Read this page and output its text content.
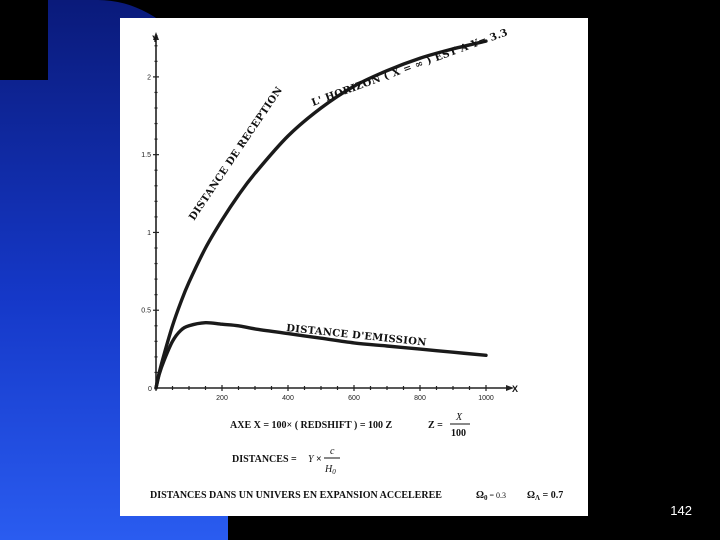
Y
X
0
200	400	600	800	1000
0.5
1
1.5
2
DISTANCE DE RECEPTION
L' HORIZON ( X = ∞ ) EST A Y= 3.3
DISTANCE D'EMISSION
AXE X = 100× ( REDSHIFT ) = 100 Z	Z =
X
100
DISTANCES = Y ×
c
$H_0$
DISTANCES DANS UN UNIVERS EN EXPANSION ACCELEREE	$\Omega_0$ $^{= 0.3}$ $\Omega_\Lambda = 0.7$
142
